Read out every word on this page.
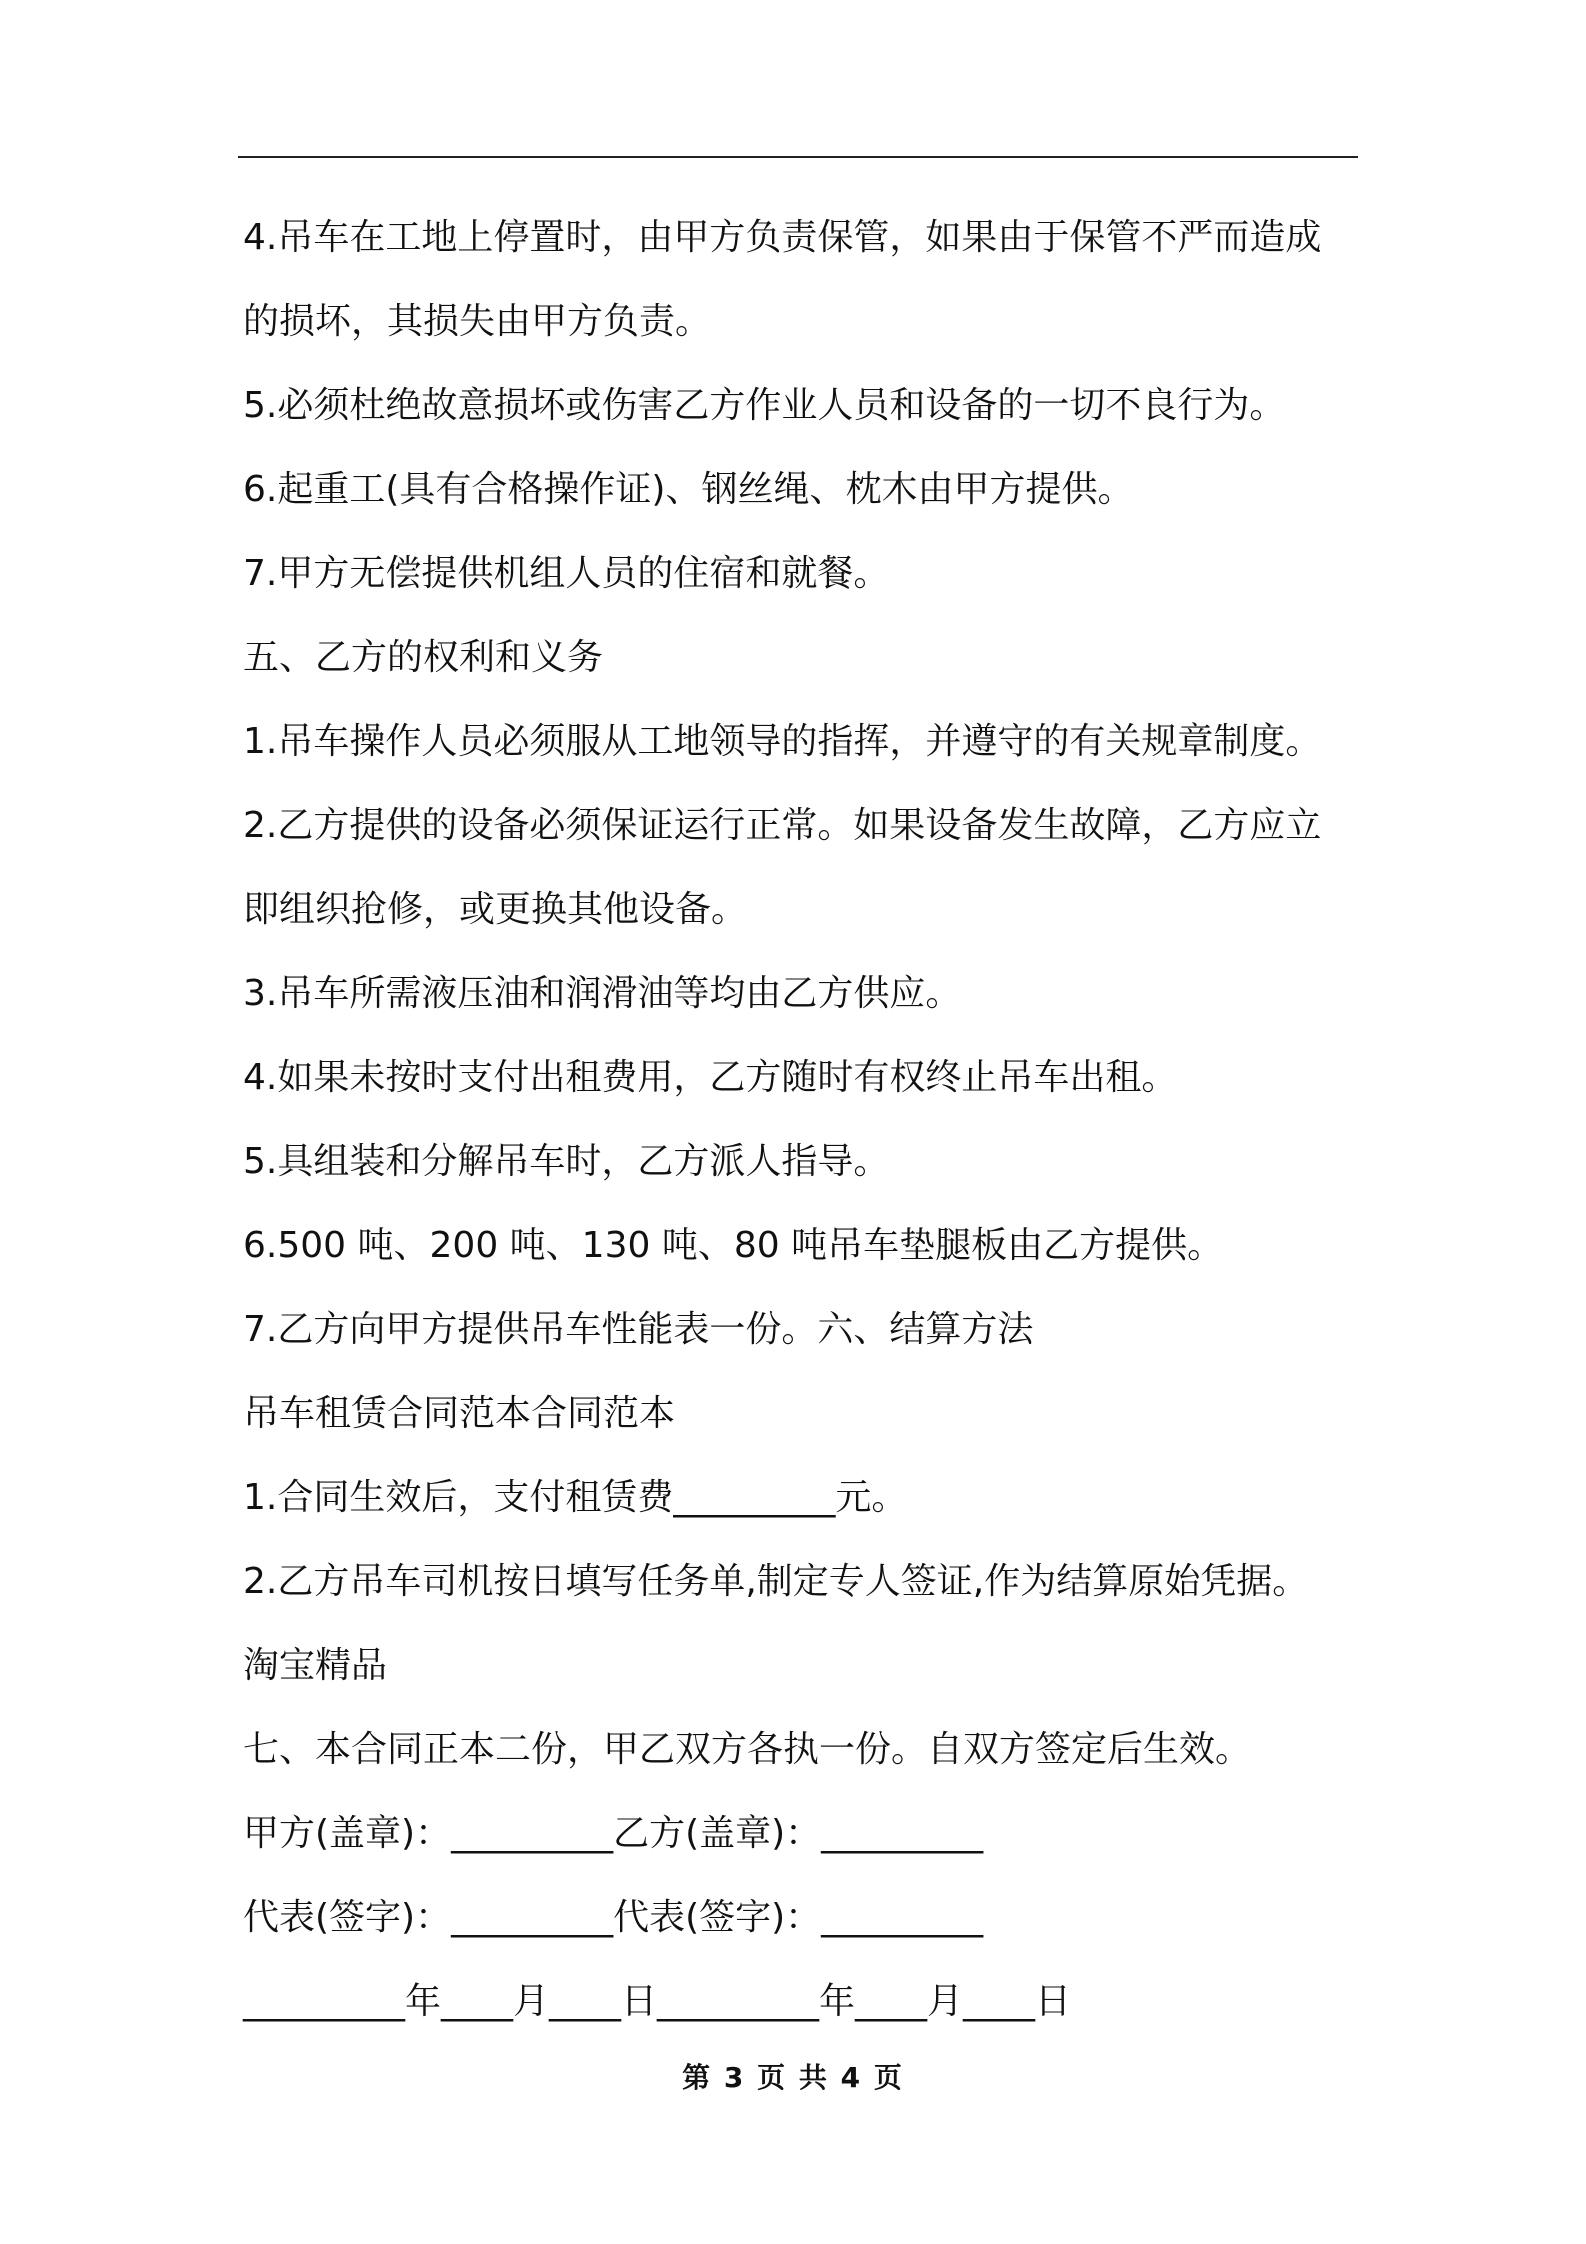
4.吊车在工地上停置时，由甲方负责保管，如果由于保管不严而造成
的损坏，其损失由甲方负责。
5.必须杜绝故意损坏或伤害乙方作业人员和设备的一切不良行为。
6.起重工(具有合格操作证)、钢丝绳、枕木由甲方提供。
7.甲方无偿提供机组人员的住宿和就餐。
五、乙方的权利和义务
1.吊车操作人员必须服从工地领导的指挥，并遵守的有关规章制度。
2.乙方提供的设备必须保证运行正常。如果设备发生故障，乙方应立
即组织抢修，或更换其他设备。
3.吊车所需液压油和润滑油等均由乙方供应。
4.如果未按时支付出租费用，乙方随时有权终止吊车出租。
5.具组装和分解吊车时，乙方派人指导。
6.500 吨、200 吨、130 吨、80 吨吊车垫腿板由乙方提供。
7.乙方向甲方提供吊车性能表一份。六、结算方法
吊车租赁合同范本合同范本
1.合同生效后，支付租赁费_________元。
2.乙方吊车司机按日填写任务单,制定专人签证,作为结算原始凭据。
淘宝精品
七、本合同正本二份，甲乙双方各执一份。自双方签定后生效。
甲方(盖章)：_________乙方(盖章)：_________
代表(签字)：_________代表(签字)：_________
_________年____月____日_________年____月____日
第 3 页 共 4 页
